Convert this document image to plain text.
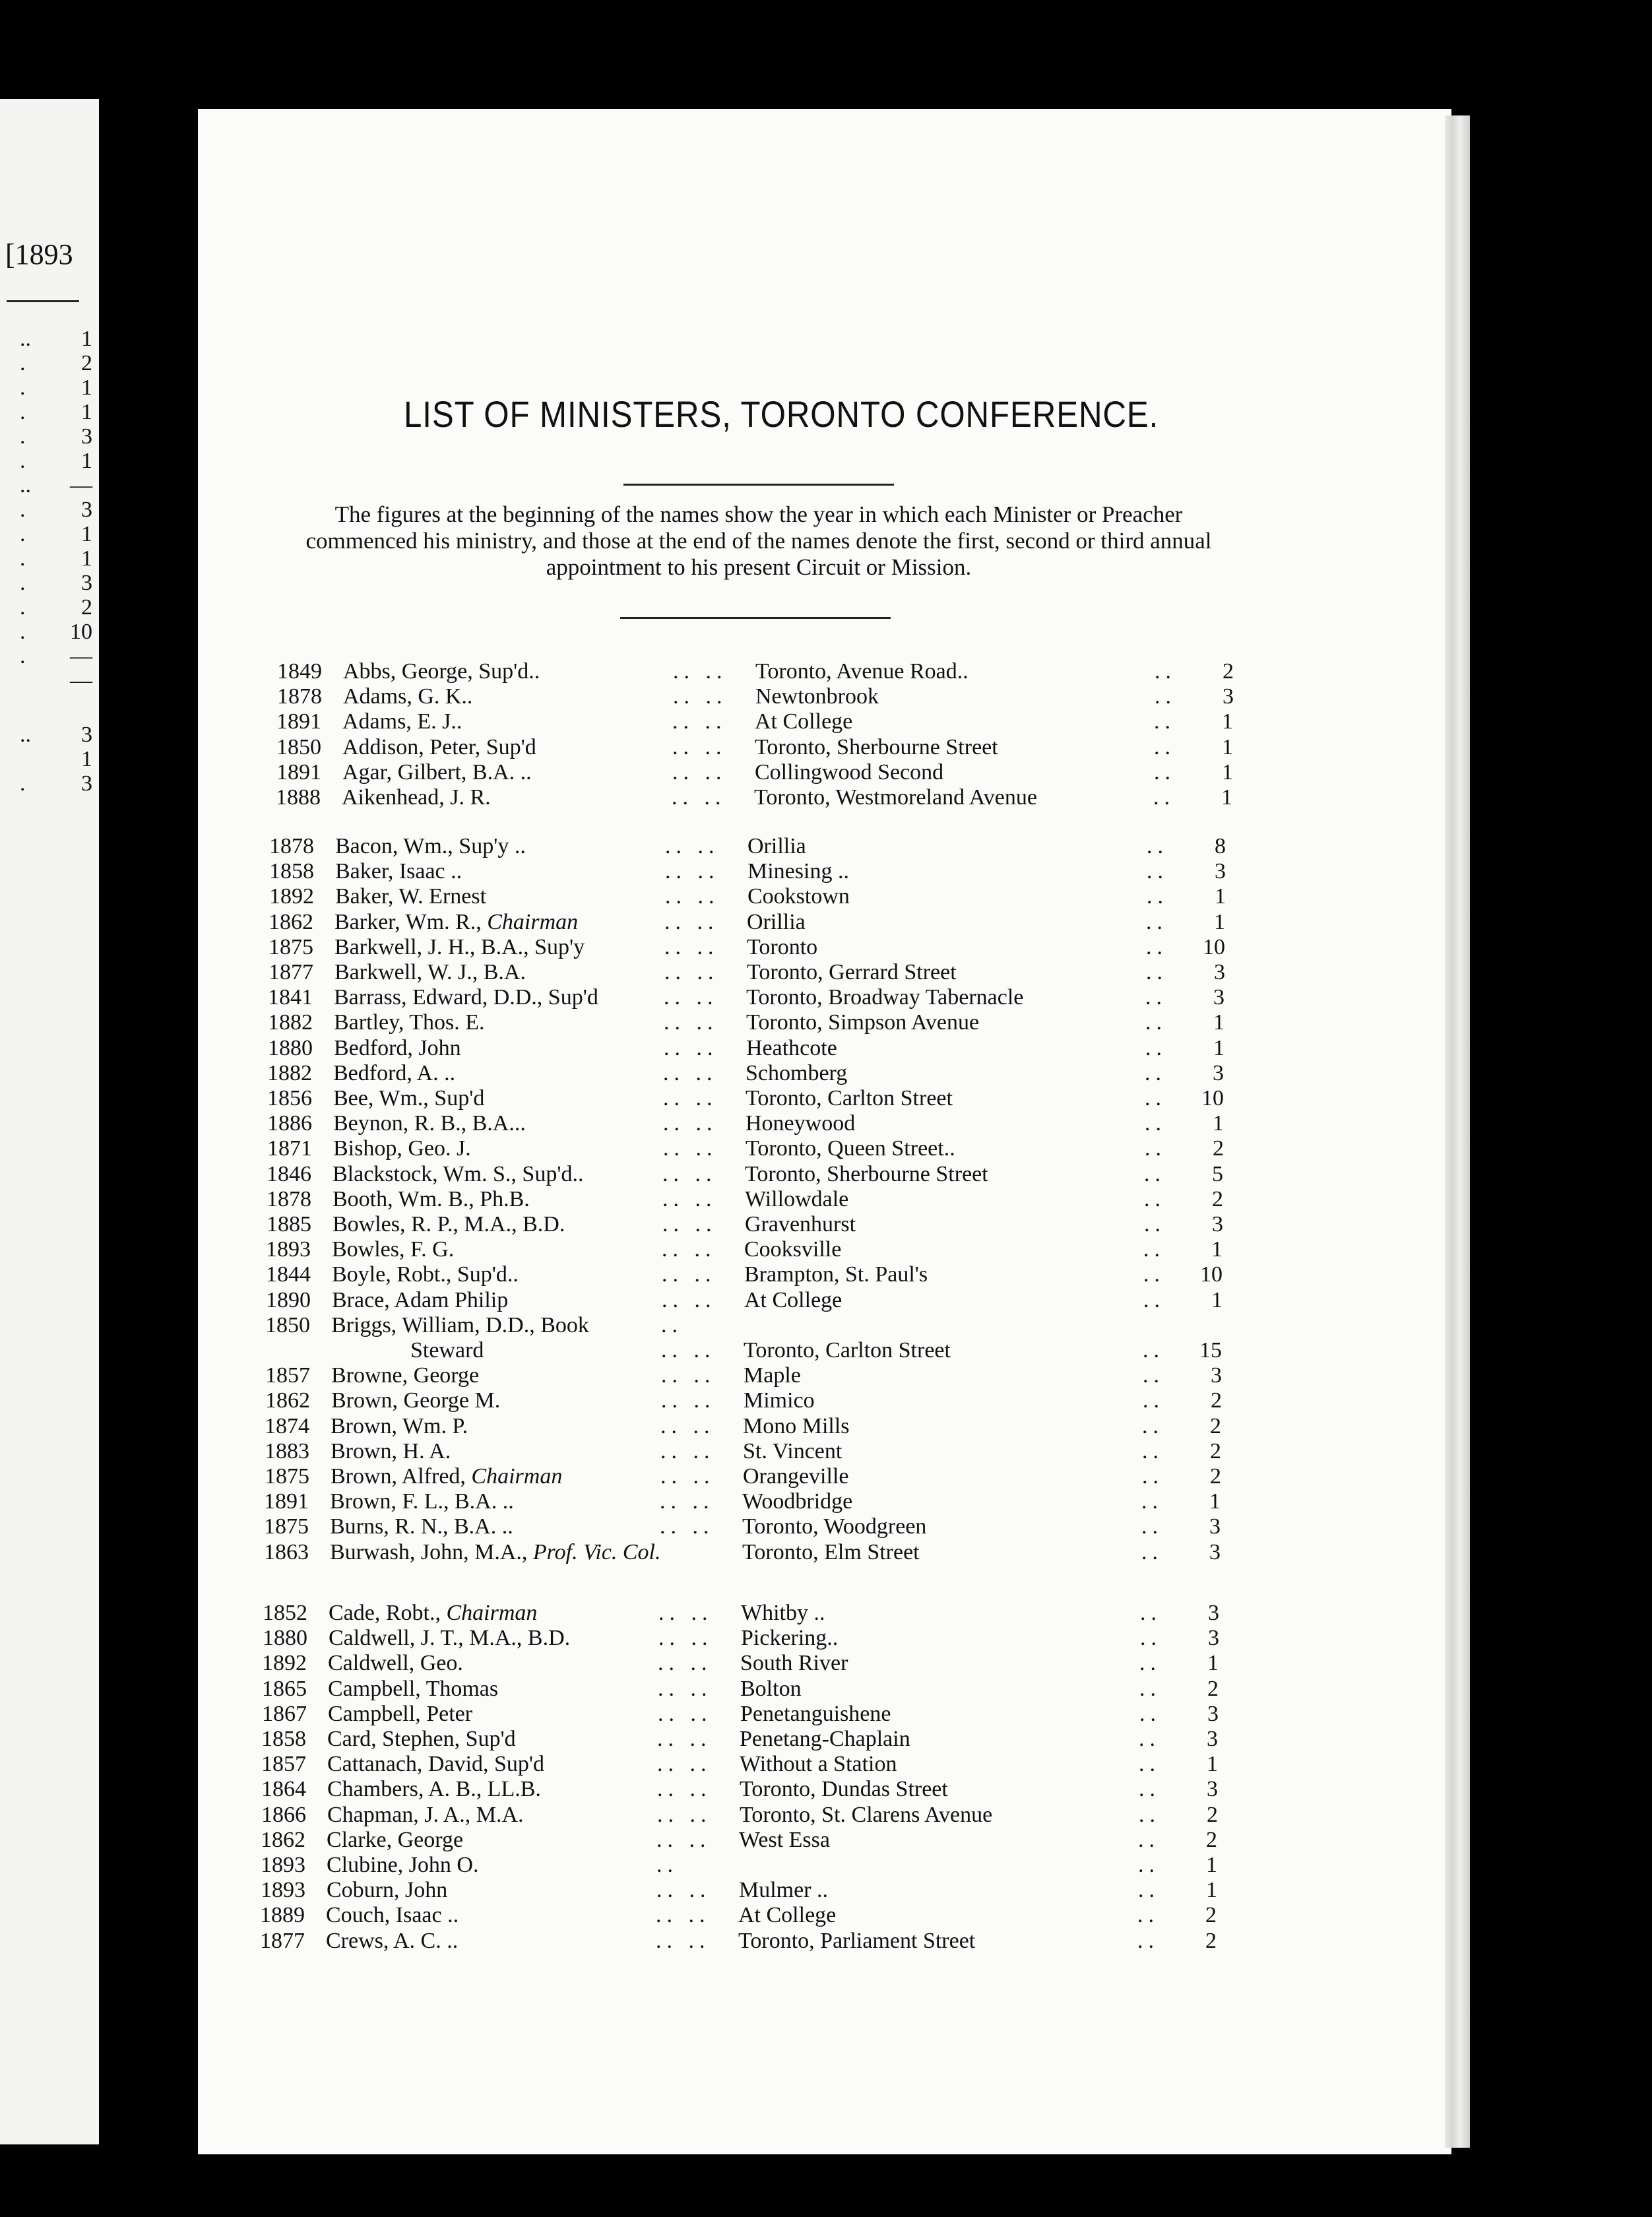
[1893
.. 1
. 2
. 1
. 1
. 3
. 1
.. —
. 3
. 1
. 1
. 3
. 2
. 10
. —
—
.. 3
1
. 3
LIST OF MINISTERS, TORONTO CONFERENCE.
The figures at the beginning of the names show the year in which each Minister or Preacher commenced his ministry, and those at the end of the names denote the first, second or third annual appointment to his present Circuit or Mission.
1849 Abbs, George, Sup'd..	.. .. Toronto, Avenue Road..	..	2
1878 Adams, G. K..	.. .. Newtonbrook	..	3
1891 Adams, E. J..	.. .. At College	..	1
1850 Addison, Peter, Sup'd	.. .. Toronto, Sherbourne Street	..	1
1891 Agar, Gilbert, B.A. ..	.. .. Collingwood Second	..	1
1888 Aikenhead, J. R.	.. .. Toronto, Westmoreland Avenue	..	1
1878 Bacon, Wm., Sup'y ..	.. .. Orillia	..	8
1858 Baker, Isaac ..	.. .. Minesing ..	..	3
1892 Baker, W. Ernest	.. .. Cookstown	..	1
1862 Barker, Wm. R., Chairman	.. .. Orillia	..	1
1875 Barkwell, J. H., B.A., Sup'y	.. .. Toronto	.. 10
1877 Barkwell, W. J., B.A.	.. .. Toronto, Gerrard Street	..	3
1841 Barrass, Edward, D.D., Sup'd	.. .. Toronto, Broadway Tabernacle	..	3
1882 Bartley, Thos. E.	.. .. Toronto, Simpson Avenue	..	1
1880 Bedford, John	.. .. Heathcote	..	1
1882 Bedford, A. ..	.. .. Schomberg	..	3
1856 Bee, Wm., Sup'd	.. .. Toronto, Carlton Street	.. 10
1886 Beynon, R. B., B.A...	.. .. Honeywood	..	1
1871 Bishop, Geo. J.	.. .. Toronto, Queen Street..	..	2
1846 Blackstock, Wm. S., Sup'd..	.. .. Toronto, Sherbourne Street	..	5
1878 Booth, Wm. B., Ph.B.	.. .. Willowdale	..	2
1885 Bowles, R. P., M.A., B.D.	.. .. Gravenhurst	..	3
1893 Bowles, F. G.	.. .. Cooksville	..	1
1844 Boyle, Robt., Sup'd..	.. .. Brampton, St. Paul's	.. 10
1890 Brace, Adam Philip	.. .. At College	..	1
1850 Briggs, William, D.D., Book	..
Steward	.. .. Toronto, Carlton Street	.. 15
1857 Browne, George	.. .. Maple	..	3
1862 Brown, George M.	.. .. Mimico	..	2
1874 Brown, Wm. P.	.. .. Mono Mills	..	2
1883 Brown, H. A.	.. .. St. Vincent	..	2
1875 Brown, Alfred, Chairman	.. .. Orangeville	..	2
1891 Brown, F. L., B.A. ..	.. .. Woodbridge	..	1
1875 Burns, R. N., B.A. ..	.. .. Toronto, Woodgreen	..	3
1863 Burwash, John, M.A., Prof. Vic. Col.	Toronto, Elm Street	..	3
1852 Cade, Robt., Chairman	.. .. Whitby ..	..	3
1880 Caldwell, J. T., M.A., B.D.	.. .. Pickering..	..	3
1892 Caldwell, Geo.	.. .. South River	..	1
1865 Campbell, Thomas	.. .. Bolton	..	2
1867 Campbell, Peter	.. .. Penetanguishene	..	3
1858 Card, Stephen, Sup'd	.. .. Penetang-Chaplain	..	3
1857 Cattanach, David, Sup'd	.. .. Without a Station	..	1
1864 Chambers, A. B., LL.B.	.. .. Toronto, Dundas Street	..	3
1866 Chapman, J. A., M.A.	.. .. Toronto, St. Clarens Avenue	..	2
1862 Clarke, George	.. .. West Essa	..	2
1893 Clubine, John O.	..	..	1
1893 Coburn, John	.. .. Mulmer ..	..	1
1889 Couch, Isaac ..	.. .. At College	..	2
1877 Crews, A. C. ..	.. .. Toronto, Parliament Street	..	2
